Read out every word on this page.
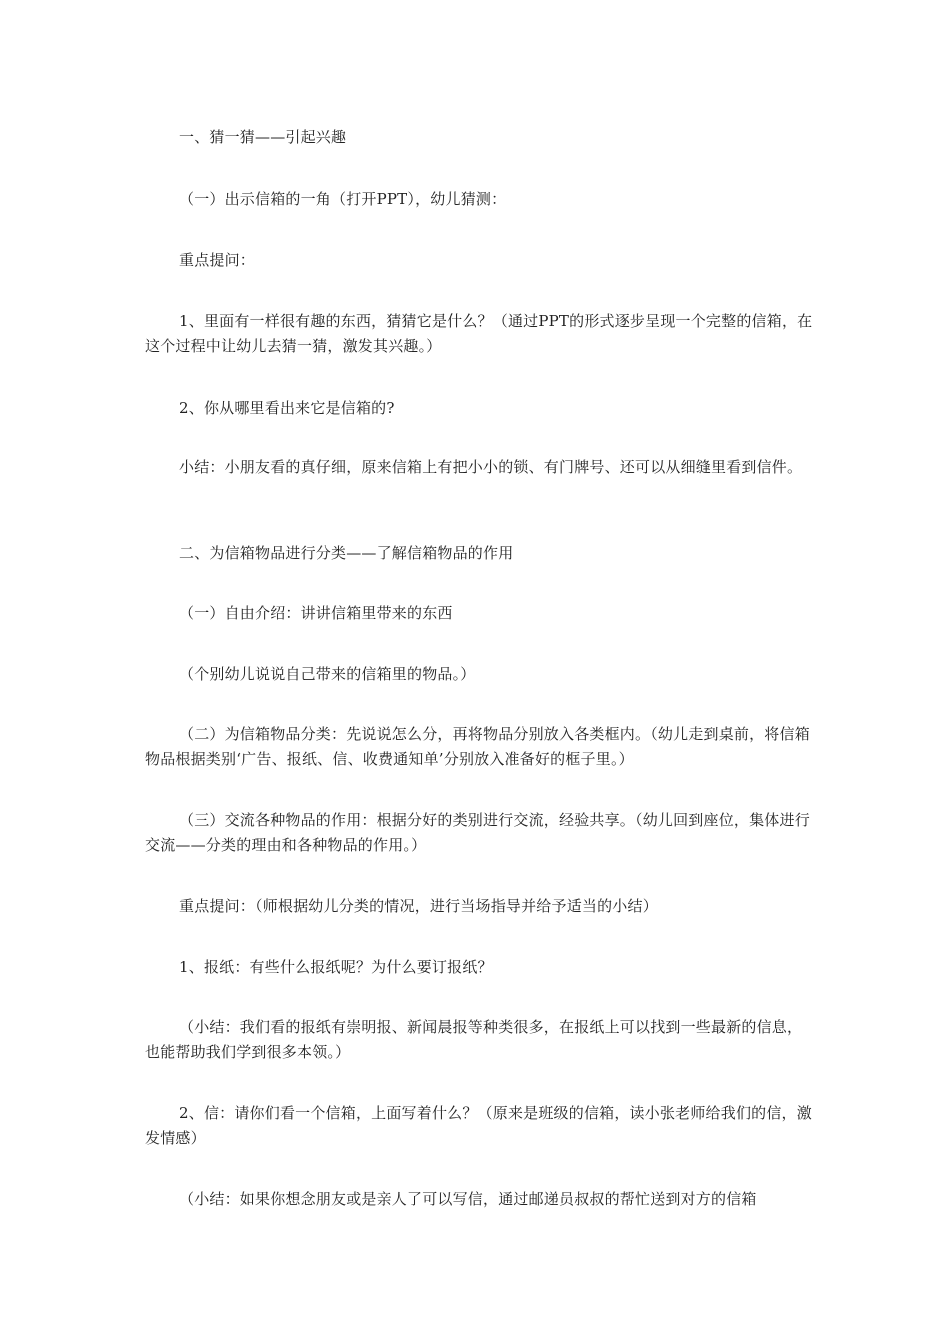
一、猜一猜——引起兴趣

（一）出示信箱的一角（打开PPT），幼儿猜测：

重点提问：

1、里面有一样很有趣的东西，猜猜它是什么？（通过PPT的形式逐步呈现一个完整的信箱，在这个过程中让幼儿去猜一猜，激发其兴趣。）

2、你从哪里看出来它是信箱的?

小结：小朋友看的真仔细，原来信箱上有把小小的锁、有门牌号、还可以从细缝里看到信件。

二、为信箱物品进行分类——了解信箱物品的作用

（一）自由介绍：讲讲信箱里带来的东西

（个别幼儿说说自己带来的信箱里的物品。）

（二）为信箱物品分类：先说说怎么分，再将物品分别放入各类框内。（幼儿走到桌前，将信箱物品根据类别‘广告、报纸、信、收费通知单’分别放入准备好的框子里。）

（三）交流各种物品的作用：根据分好的类别进行交流，经验共享。（幼儿回到座位，集体进行交流——分类的理由和各种物品的作用。）

重点提问：（师根据幼儿分类的情况，进行当场指导并给予适当的小结）

1、报纸：有些什么报纸呢？为什么要订报纸？

（小结：我们看的报纸有崇明报、新闻晨报等种类很多，在报纸上可以找到一些最新的信息，也能帮助我们学到很多本领。）

2、信：请你们看一个信箱，上面写着什么？（原来是班级的信箱，读小张老师给我们的信，激发情感）

（小结：如果你想念朋友或是亲人了可以写信，通过邮递员叔叔的帮忙送到对方的信箱
